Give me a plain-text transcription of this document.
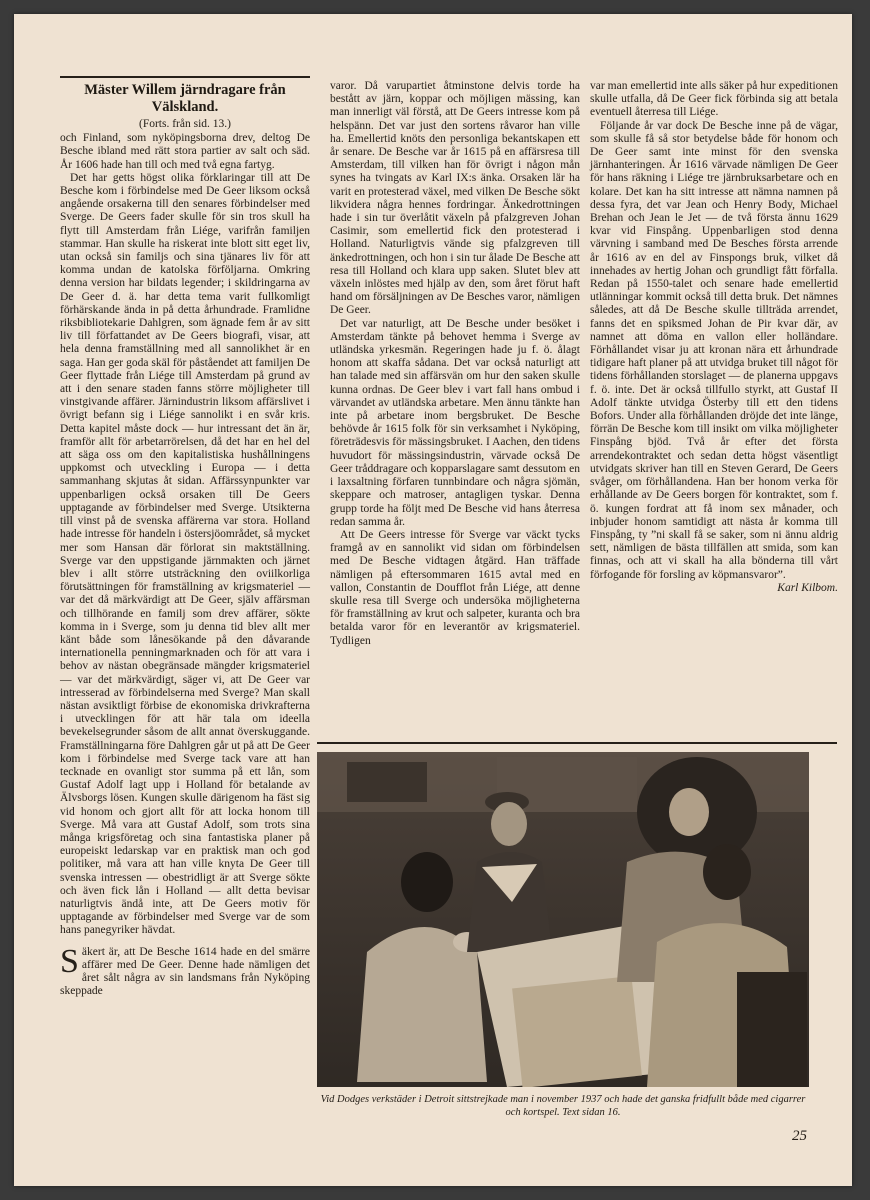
Mäster Willem järndragare från Välskland.

(Forts. från sid. 13.)

och Finland, som nyköpingsborna drev, deltog De Besche ibland med rätt stora partier av salt och säd. År 1606 hade han till och med två egna fartyg.

Det har getts högst olika förklaringar till att De Besche kom i förbindelse med De Geer liksom också angående orsakerna till den senares förbindelser med Sverge. De Geers fader skulle för sin tros skull ha flytt till Amsterdam från Liége, varifrån familjen stammar. Han skulle ha riskerat inte blott sitt eget liv, utan också sin familjs och sina tjänares liv för att komma undan de katolska förföljarna. Omkring denna version har bildats legender; i skildringarna av De Geer d. ä. har detta tema varit fullkomligt förhärskande ända in på detta århundrade. Framlidne riksbibliotekarie Dahlgren, som ägnade fem år av sitt liv till författandet av De Geers biografi, visar, att hela denna framställning med all sannolikhet är en saga. Han ger goda skäl för påståendet att familjen De Geer flyttade från Liége till Amsterdam på grund av att i den senare staden fanns större möjligheter till vinstgivande affärer. Järnindustrin liksom affärslivet i övrigt befann sig i Liége sannolikt i en svår kris. Detta kapitel måste dock — hur intressant det än är, framför allt för arbetarrörelsen, då det har en hel del att säga oss om den kapitalistiska hushållningens uppkomst och utveckling i Europa — i detta sammanhang skjutas åt sidan. Affärssynpunkter var uppenbarligen också orsaken till De Geers upptagande av förbindelser med Sverge. Utsikterna till vinst på de svenska affärerna var stora. Holland hade intresse för handeln i östersjöområdet, så mycket mer som Hansan där förlorat sin maktställning. Sverge var den uppstigande järnmakten och järnet blev i allt större utsträckning den oviilkorliga förutsättningen för framställning av krigsmateriel — var det då märkvärdigt att De Geer, själv affärsman och tillhörande en familj som drev affärer, sökte komma in i Sverge, som ju denna tid blev allt mer känt både som lånesökande på den dåvarande internationella penningmarknaden och för att vara i behov av nästan obegränsade mängder krigsmateriel — var det märkvärdigt, säger vi, att De Geer var intresserad av förbindelserna med Sverge? Man skall nästan avsiktligt förbise de ekonomiska drivkrafterna i utvecklingen för att här tala om ideella bevekelsegrunder såsom de allt annat överskuggande. Framställningarna före Dahlgren går ut på att De Geer kom i förbindelse med Sverge tack vare att han tecknade en ovanligt stor summa på ett lån, som Gustaf Adolf lagt upp i Holland för betalande av Älvsborgs lösen. Kungen skulle därigenom ha fäst sig vid honom och gjort allt för att locka honom till Sverge. Må vara att Gustaf Adolf, som trots sina många krigsföretag och sina fantastiska planer på europeiskt ledarskap var en praktisk man och god politiker, må vara att han ville knyta De Geer till svenska intressen — obestridligt är att Sverge sökte och även fick lån i Holland — allt detta bevisar naturligtvis ändå inte, att De Geers motiv för upptagande av förbindelser med Sverge var de som hans panegyriker hävdat.

Säkert är, att De Besche 1614 hade en del smärre affärer med De Geer. Denne hade nämligen det året sålt några av sin landsmans från Nyköping skeppade

varor. Då varupartiet åtminstone delvis torde ha bestått av järn, koppar och möjligen mässing, kan man innerligt väl förstå, att De Geers intresse kom på helspänn. Det var just den sortens råvaror han ville ha. Emellertid knöts den personliga bekantskapen ett år senare. De Besche var år 1615 på en affärsresa till Amsterdam, till vilken han för övrigt i någon mån synes ha tvingats av Karl IX:s änka. Orsaken lär ha varit en protesterad växel, med vilken De Besche sökt likvidera några hennes fordringar. Änkedrottningen hade i sin tur överlåtit växeln på pfalzgreven Johan Casimir, som emellertid fick den protesterad i Holland. Naturligtvis vände sig pfalzgreven till änkedrottningen, och hon i sin tur ålade De Besche att resa till Holland och klara upp saken. Slutet blev att växeln inlöstes med hjälp av den, som året förut haft hand om försäljningen av De Besches varor, nämligen De Geer.

Det var naturligt, att De Besche under besöket i Amsterdam tänkte på behovet hemma i Sverge av utländska yrkesmän. Regeringen hade ju f. ö. ålagt honom att skaffa sådana. Det var också naturligt att han talade med sin affärsvän om hur den saken skulle kunna ordnas. De Geer blev i vart fall hans ombud i värvandet av utländska arbetare. Men ännu tänkte han inte på arbetare inom bergsbruket. De Besche behövde år 1615 folk för sin verksamhet i Nyköping, företrädesvis för mässingsbruket. I Aachen, den tidens huvudort för mässingsindustrin, värvade också De Geer tråddragare och kopparslagare samt dessutom en i laxsaltning förfaren tunnbindare och några sjömän, skeppare och matroser, antagligen tyskar. Denna grupp torde ha följt med De Besche vid hans återresa redan samma år.

Att De Geers intresse för Sverge var väckt tycks framgå av en sannolikt vid sidan om förbindelsen med De Besche vidtagen åtgärd. Han träffade nämligen på eftersommaren 1615 avtal med en vallon, Constantin de Doufflot från Liége, att denne skulle resa till Sverge och undersöka möjligheterna för framställning av krut och salpeter, kuranta och bra betalda varor för en leverantör av krigsmateriel. Tydligen

var man emellertid inte alls säker på hur expeditionen skulle utfalla, då De Geer fick förbinda sig att betala eventuell återresa till Liége.

Följande år var dock De Besche inne på de vägar, som skulle få så stor betydelse både för honom och De Geer samt inte minst för den svenska järnhanteringen. År 1616 värvade nämligen De Geer för hans räkning i Liége tre järnbruksarbetare och en kolare. Det kan ha sitt intresse att nämna namnen på dessa fyra, det var Jean och Henry Body, Michael Brehan och Jean le Jet — de två första ännu 1629 kvar vid Finspång. Uppenbarligen stod denna värvning i samband med De Besches första arrende år 1616 av en del av Finspongs bruk, vilket då innehades av hertig Johan och grundligt fått förfalla. Redan på 1550-talet och senare hade emellertid utlänningar kommit också till detta bruk. Det nämnes således, att då De Besche skulle tillträda arrendet, fanns det en spiksmed Johan de Pir kvar där, av namnet att döma en vallon eller holländare. Förhållandet visar ju att kronan nära ett århundrade tidigare haft planer på att utvidga bruket till något för tidens förhållanden storslaget — de planerna uppgavs f. ö. inte. Det är också tillfullo styrkt, att Gustaf II Adolf tänkte utvidga Österby till ett den tidens Bofors. Under alla förhållanden dröjde det inte länge, förrän De Besche kom till insikt om vilka möjligheter Finspång bjöd. Två år efter det första arrendekontraktet och sedan detta högst väsentligt utvidgats skriver han till en Steven Gerard, De Geers svåger, om förhållandena. Han ber honom verka för erhållande av De Geers borgen för kontraktet, som f. ö. kungen fordrat att få inom sex månader, och inbjuder honom samtidigt att nästa år komma till Finspång, ty ”ni skall få se saker, som ni ännu aldrig sett, nämligen de bästa tillfällen att smida, som kan finnas, och att vi skall ha alla bönderna till vårt förfogande för forsling av köpmansvaror”.

Karl Kilbom.

Vid Dodges verkstäder i Detroit sittstrejkade man i november 1937 och hade det ganska fridfullt både med cigarrer och kortspel. Text sidan 16.
25
